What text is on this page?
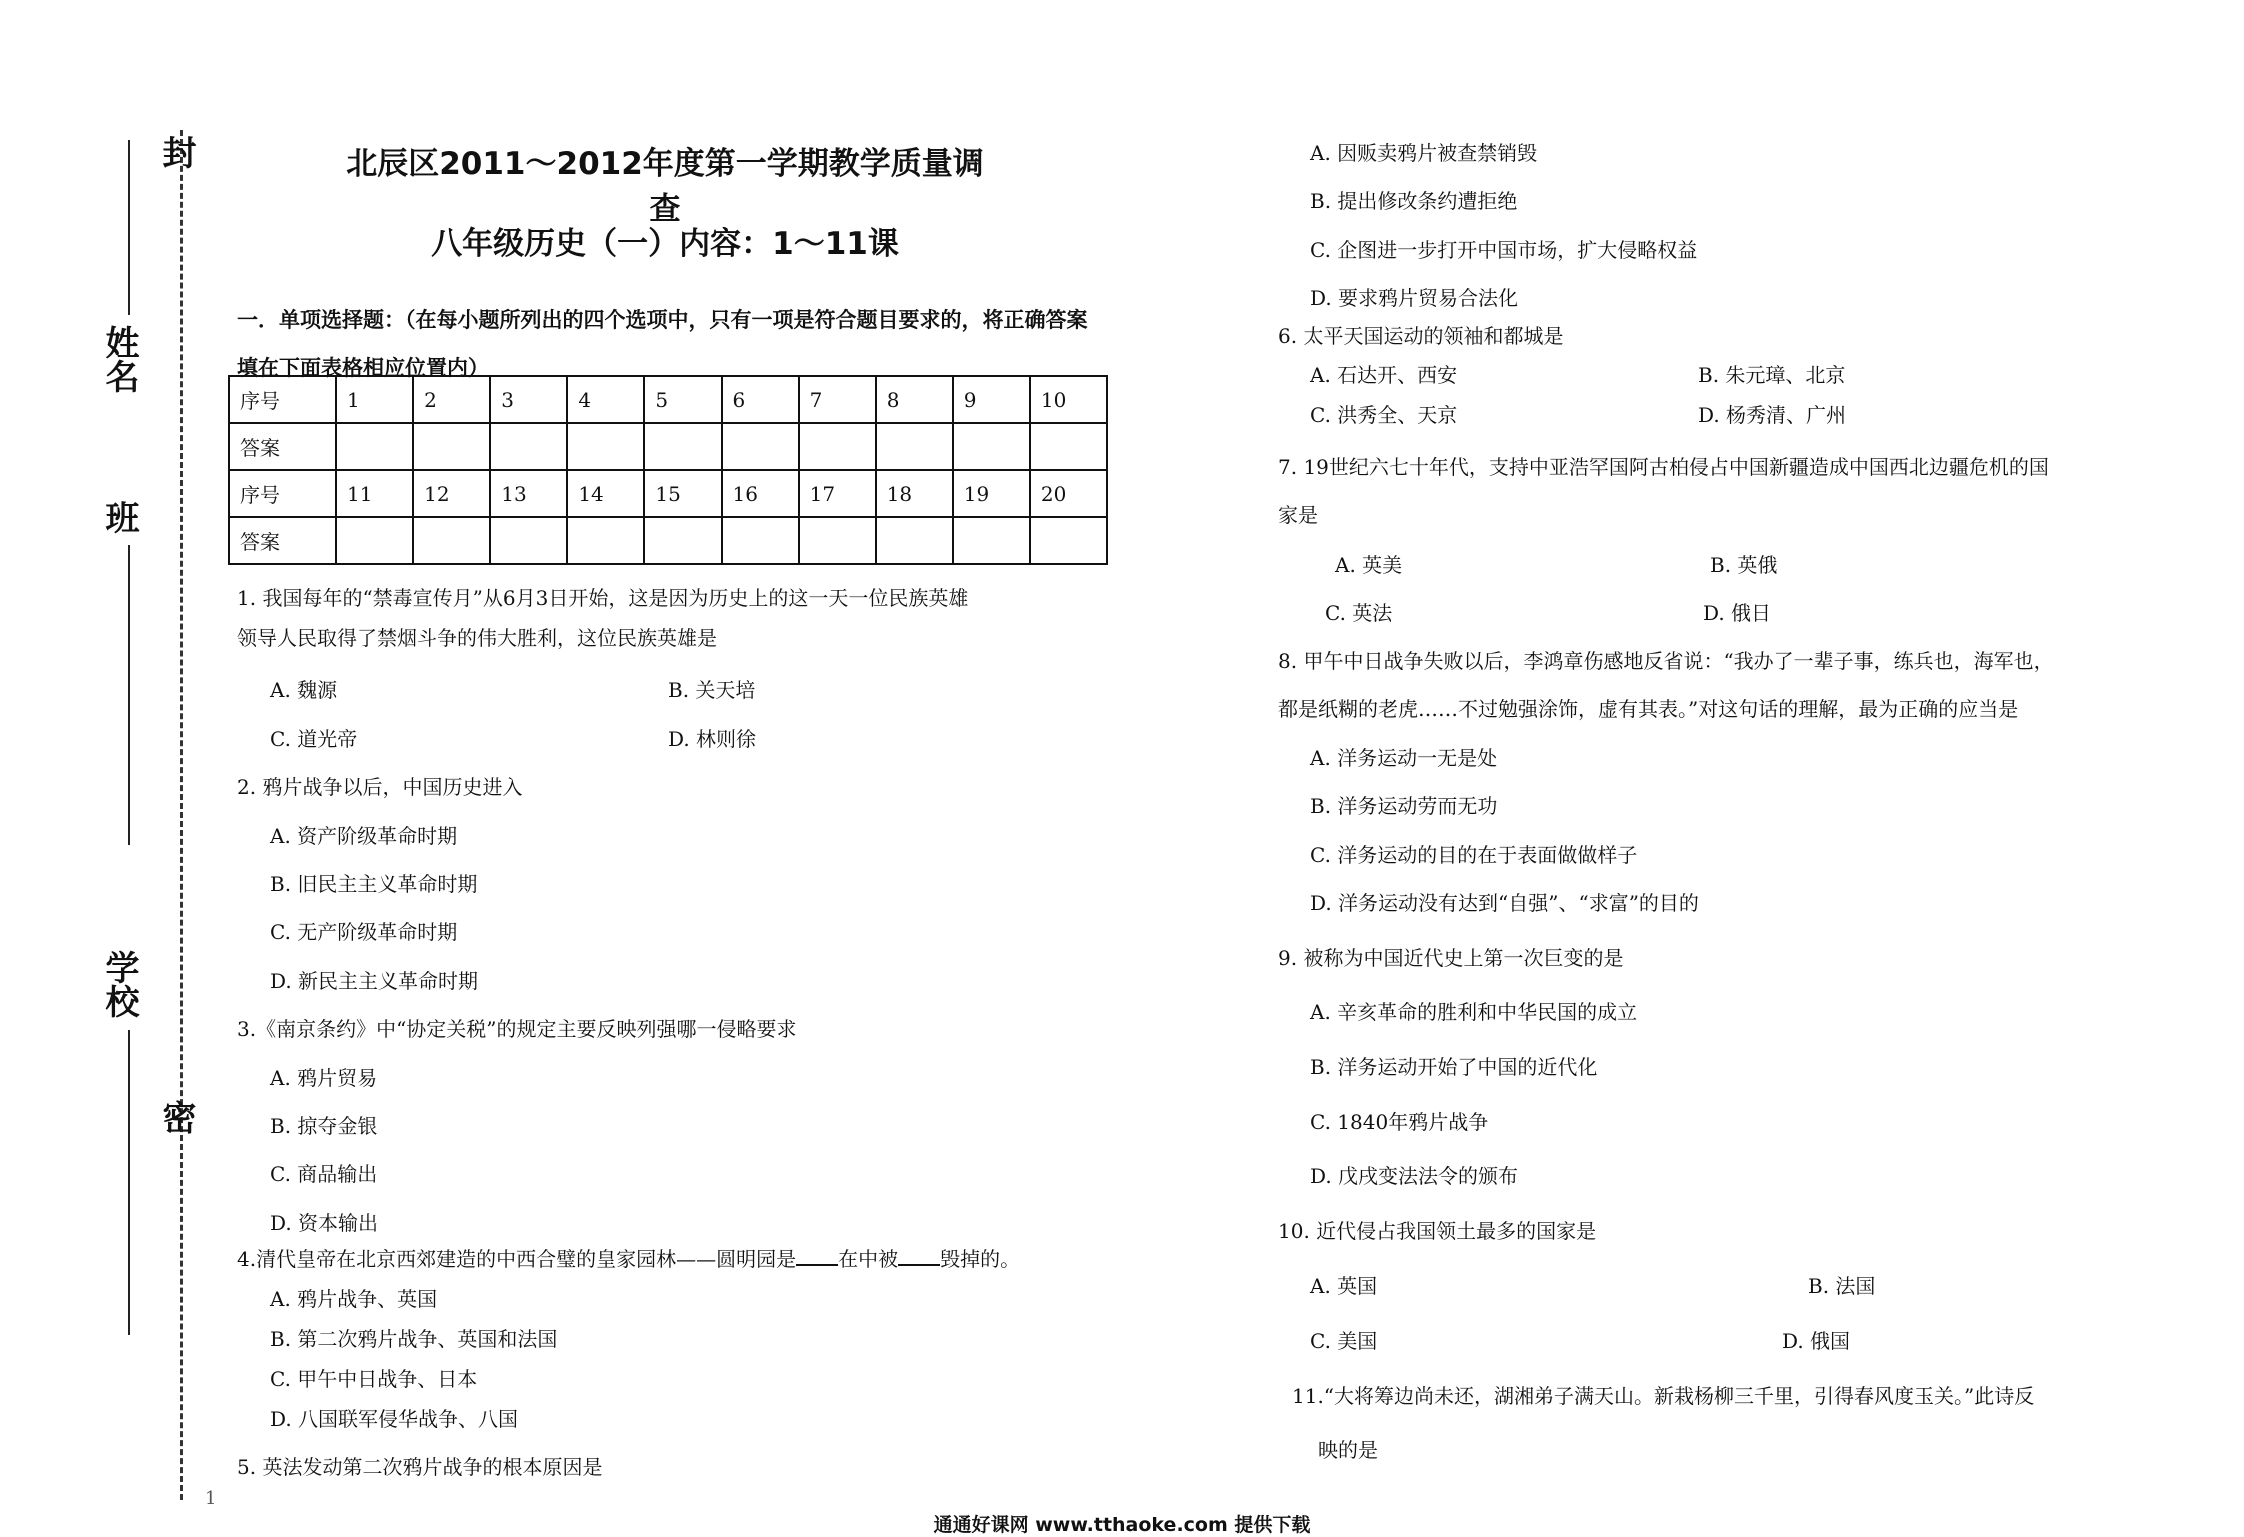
封
姓名
班
学校
密
北辰区2011～2012年度第一学期教学质量调查
八年级历史（一）内容：1～11课
一．单项选择题：（在每小题所列出的四个选项中，只有一项是符合题目要求的，将正确答案填在下面表格相应位置内）
序号	1	2	3	4	5	6	7	8	9	10
答案										
序号	11	12	13	14	15	16	17	18	19	20
答案										
1. 我国每年的“禁毒宣传月”从6月3日开始，这是因为历史上的这一天一位民族英雄
领导人民取得了禁烟斗争的伟大胜利，这位民族英雄是
A. 魏源	B. 关天培
C. 道光帝	D. 林则徐
2. 鸦片战争以后，中国历史进入
A. 资产阶级革命时期
B. 旧民主主义革命时期
C. 无产阶级革命时期
D. 新民主主义革命时期
3.《南京条约》中“协定关税”的规定主要反映列强哪一侵略要求
A. 鸦片贸易
B. 掠夺金银
C. 商品输出
D. 资本输出
4.清代皇帝在北京西郊建造的中西合璧的皇家园林——圆明园是 在中被 毁掉的。
A. 鸦片战争、英国
B. 第二次鸦片战争、英国和法国
C. 甲午中日战争、日本
D. 八国联军侵华战争、八国
5. 英法发动第二次鸦片战争的根本原因是
A. 因贩卖鸦片被查禁销毁
B. 提出修改条约遭拒绝
C. 企图进一步打开中国市场，扩大侵略权益
D. 要求鸦片贸易合法化
6. 太平天国运动的领袖和都城是
A. 石达开、西安	B. 朱元璋、北京
C. 洪秀全、天京	D. 杨秀清、广州
7. 19世纪六七十年代，支持中亚浩罕国阿古柏侵占中国新疆造成中国西北边疆危机的国
家是
A. 英美	B. 英俄
C. 英法	D. 俄日
8. 甲午中日战争失败以后，李鸿章伤感地反省说：“我办了一辈子事，练兵也，海军也，
都是纸糊的老虎……不过勉强涂饰，虚有其表。”对这句话的理解，最为正确的应当是
A. 洋务运动一无是处
B. 洋务运动劳而无功
C. 洋务运动的目的在于表面做做样子
D. 洋务运动没有达到“自强”、“求富”的目的
9. 被称为中国近代史上第一次巨变的是
A. 辛亥革命的胜利和中华民国的成立
B. 洋务运动开始了中国的近代化
C. 1840年鸦片战争
D. 戊戌变法法令的颁布
10. 近代侵占我国领土最多的国家是
A. 英国	B. 法国
C. 美国	D. 俄国
11.“大将筹边尚未还，湖湘弟子满天山。新栽杨柳三千里，引得春风度玉关。”此诗反
映的是
1
通通好课网 www.tthaoke.com 提供下载
